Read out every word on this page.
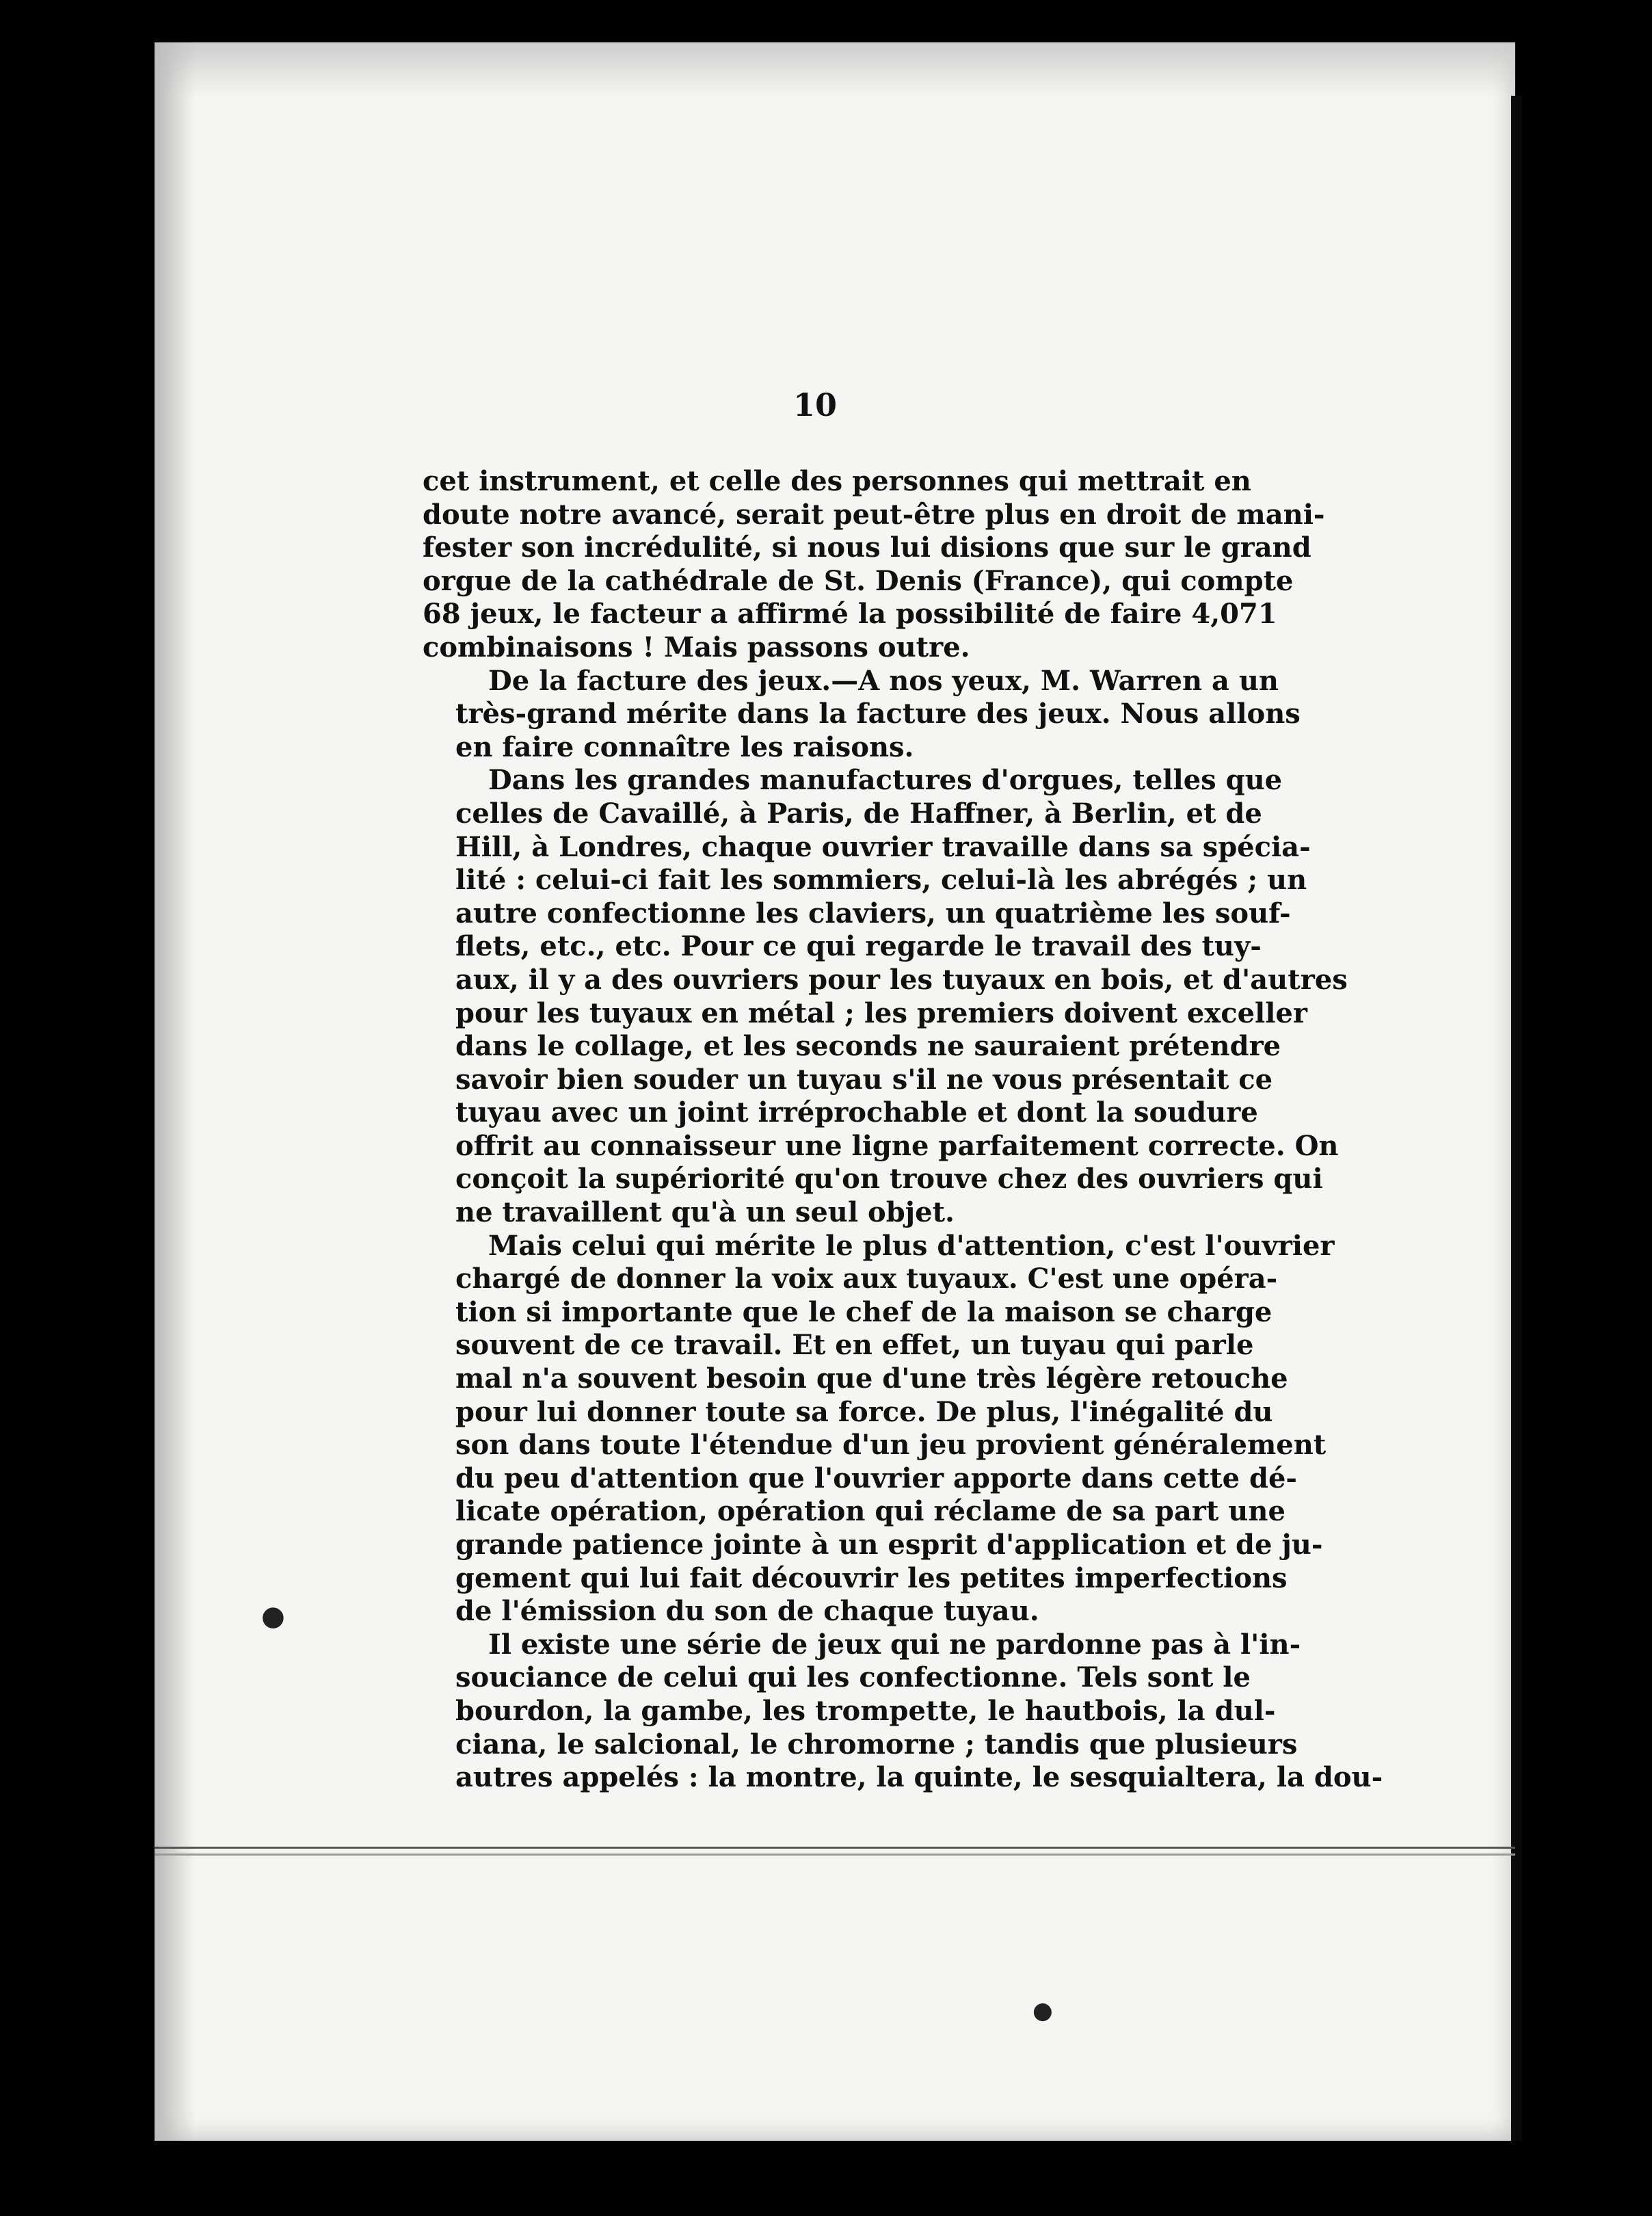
●
●
10

cet instrument, et celle des personnes qui mettrait en
doute notre avancé, serait peut-être plus en droit de mani-
fester son incrédulité, si nous lui disions que sur le grand
orgue de la cathédrale de St. Denis (France), qui compte
68 jeux, le facteur a affirmé la possibilité de faire 4,071
combinaisons ! Mais passons outre.

De la facture des jeux.—A nos yeux, M. Warren a un
très-grand mérite dans la facture des jeux. Nous allons
en faire connaître les raisons.

Dans les grandes manufactures d'orgues, telles que
celles de Cavaillé, à Paris, de Haffner, à Berlin, et de
Hill, à Londres, chaque ouvrier travaille dans sa spécia-
lité : celui-ci fait les sommiers, celui-là les abrégés ; un
autre confectionne les claviers, un quatrième les souf-
flets, etc., etc. Pour ce qui regarde le travail des tuy-
aux, il y a des ouvriers pour les tuyaux en bois, et d'autres
pour les tuyaux en métal ; les premiers doivent exceller
dans le collage, et les seconds ne sauraient prétendre
savoir bien souder un tuyau s'il ne vous présentait ce
tuyau avec un joint irréprochable et dont la soudure
offrit au connaisseur une ligne parfaitement correcte. On
conçoit la supériorité qu'on trouve chez des ouvriers qui
ne travaillent qu'à un seul objet.

Mais celui qui mérite le plus d'attention, c'est l'ouvrier
chargé de donner la voix aux tuyaux. C'est une opéra-
tion si importante que le chef de la maison se charge
souvent de ce travail. Et en effet, un tuyau qui parle
mal n'a souvent besoin que d'une très légère retouche
pour lui donner toute sa force. De plus, l'inégalité du
son dans toute l'étendue d'un jeu provient généralement
du peu d'attention que l'ouvrier apporte dans cette dé-
licate opération, opération qui réclame de sa part une
grande patience jointe à un esprit d'application et de ju-
gement qui lui fait découvrir les petites imperfections
de l'émission du son de chaque tuyau.

Il existe une série de jeux qui ne pardonne pas à l'in-
souciance de celui qui les confectionne. Tels sont le
bourdon, la gambe, les trompette, le hautbois, la dul-
ciana, le salcional, le chromorne ; tandis que plusieurs
autres appelés : la montre, la quinte, le sesquialtera, la dou-
